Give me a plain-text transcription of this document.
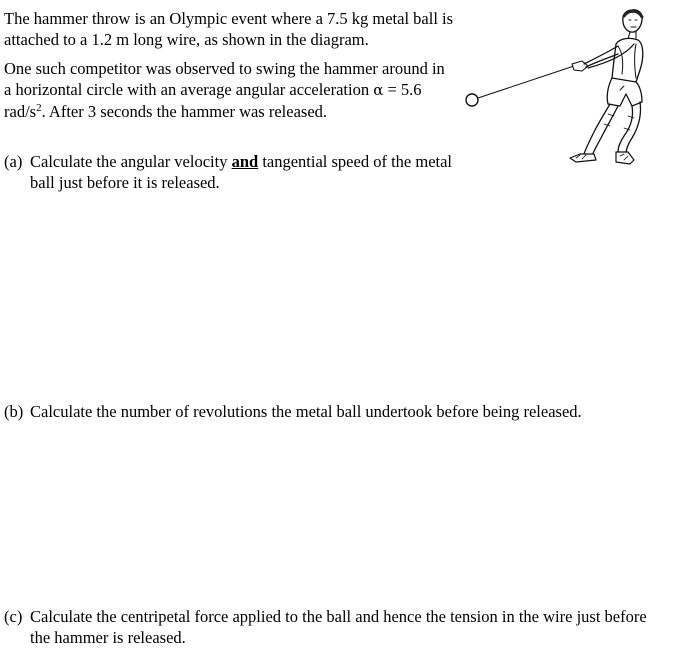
The hammer throw is an Olympic event where a 7.5 kg metal ball is attached to a 1.2 m long wire, as shown in the diagram.

One such competitor was observed to swing the hammer around in a horizontal circle with an average angular acceleration α = 5.6 rad/$s^2$. After 3 seconds the hammer was released.

(a) Calculate the angular velocity and tangential speed of the metal ball just before it is released.
(b) Calculate the number of revolutions the metal ball undertook before being released.
(c) Calculate the centripetal force applied to the ball and hence the tension in the wire just before the hammer is released.
